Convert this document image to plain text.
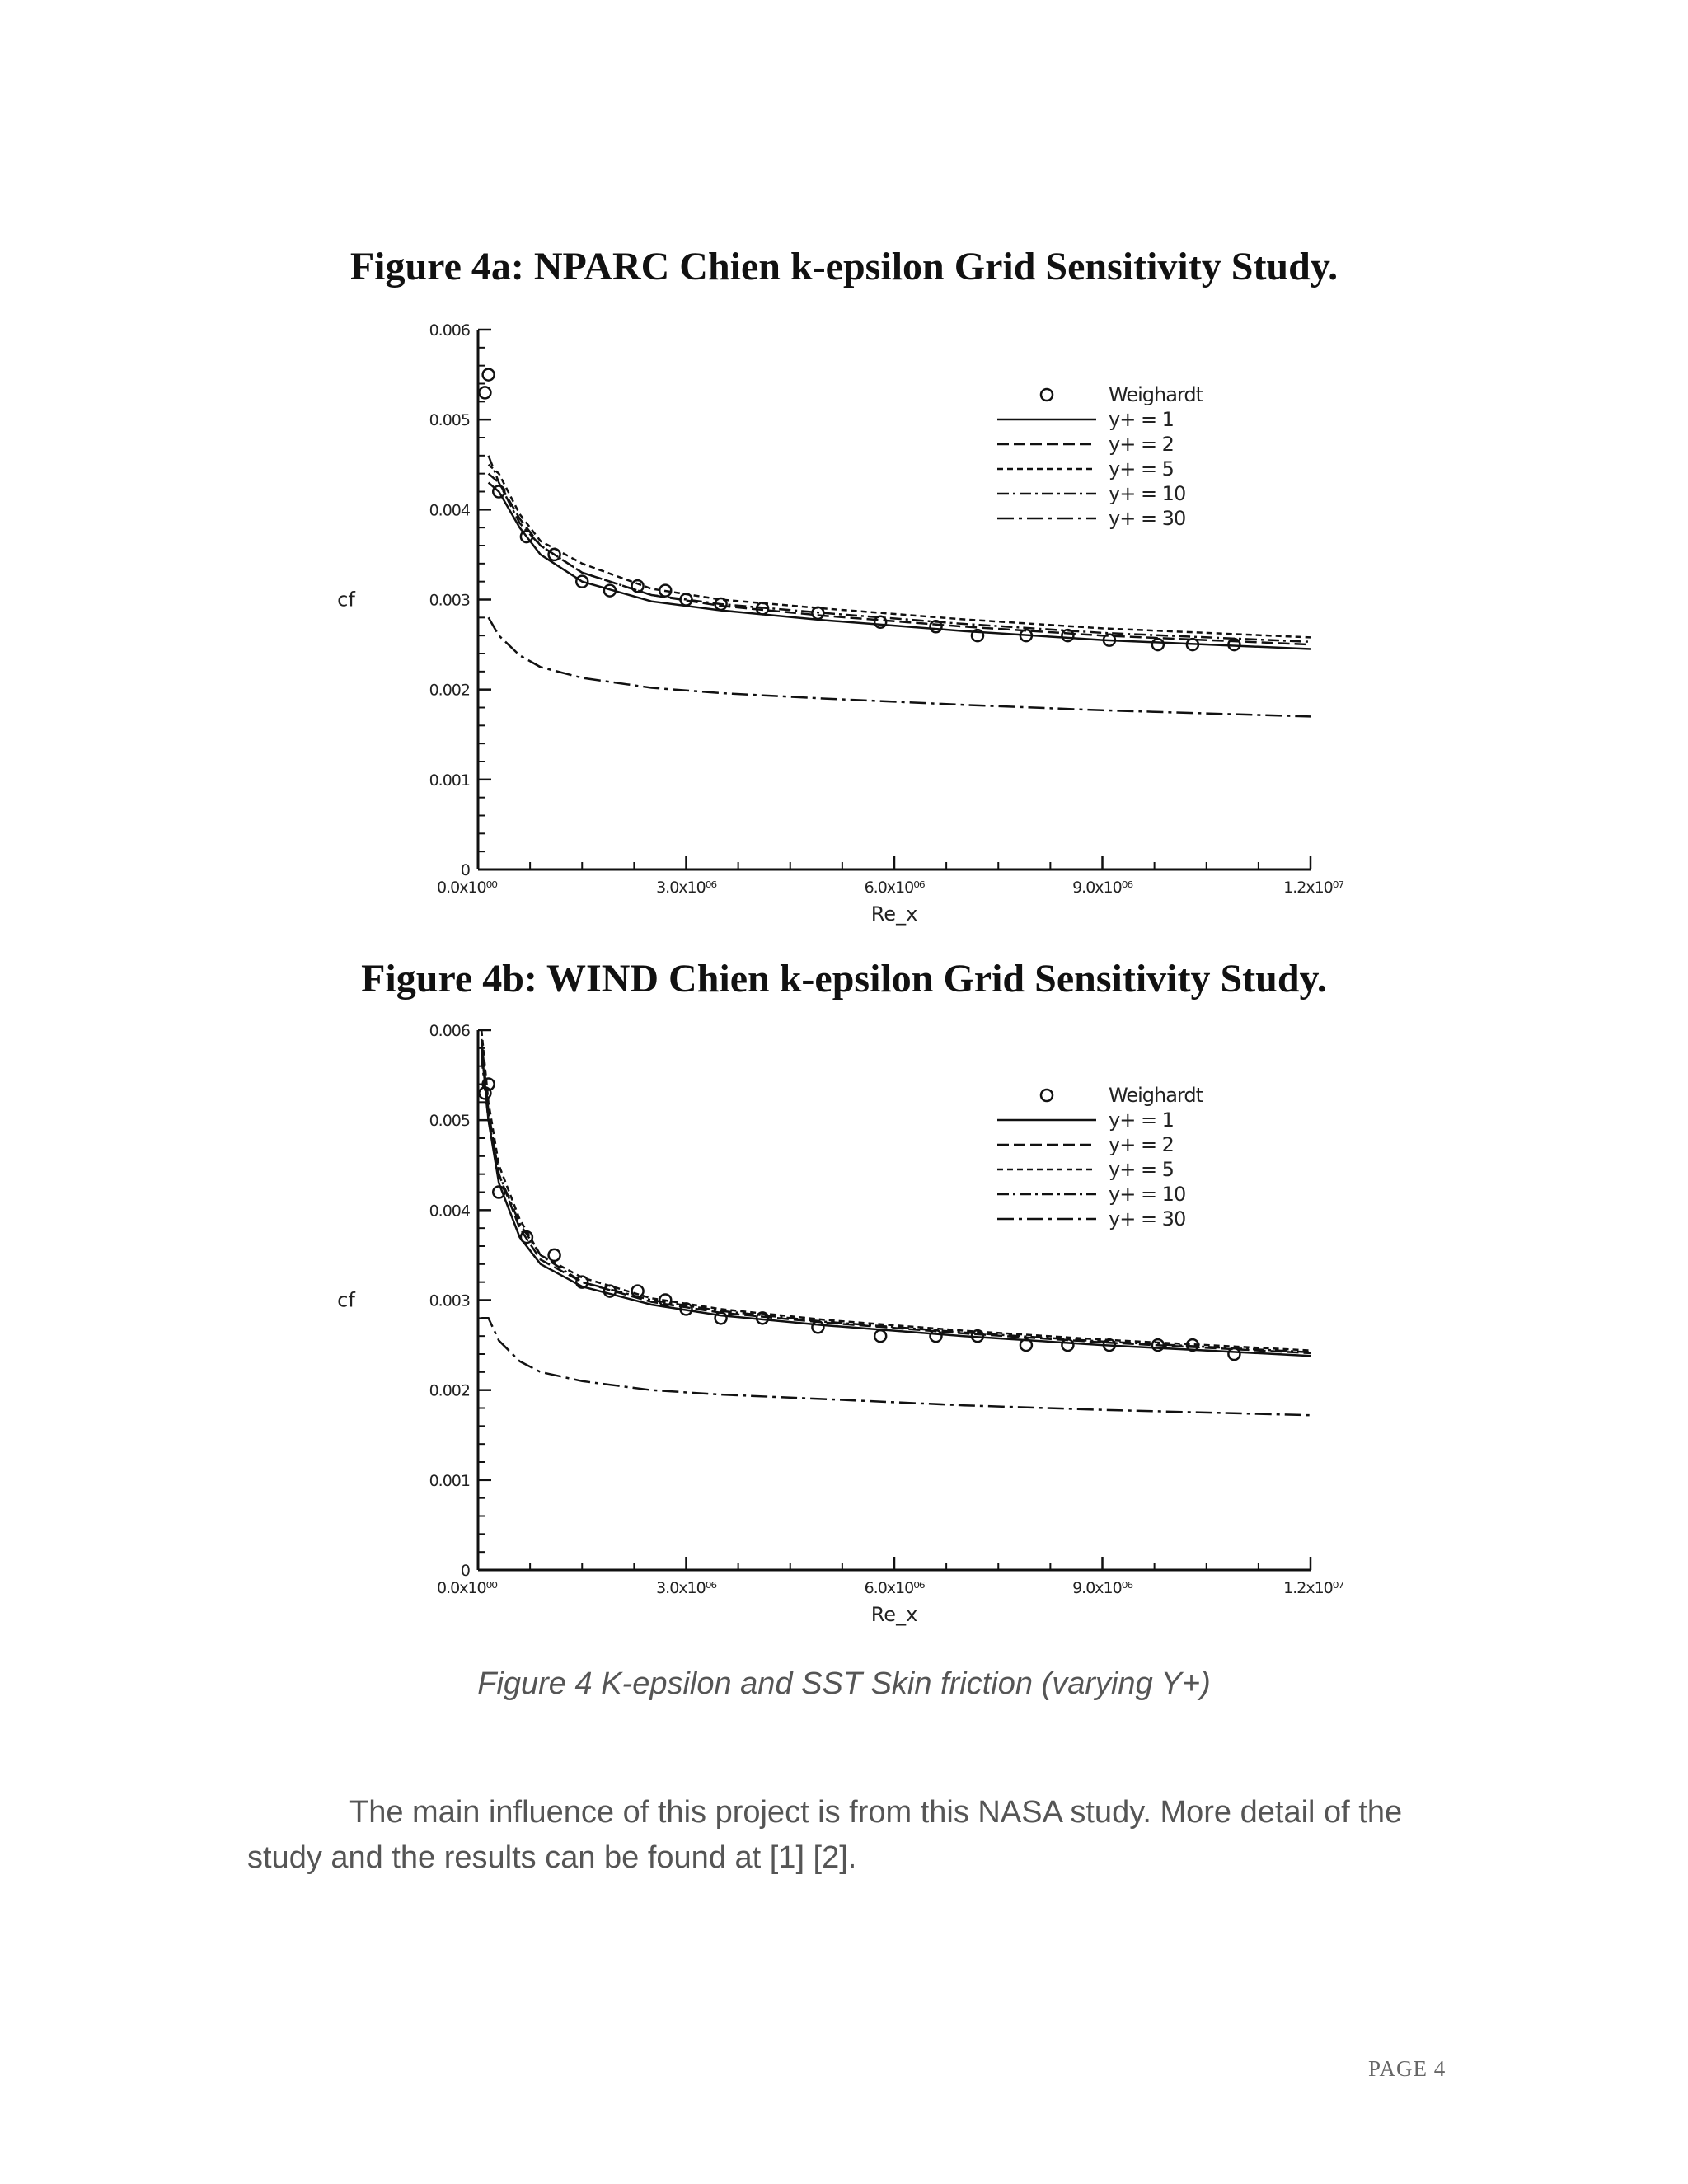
Figure 4a: NPARC Chien k-epsilon Grid Sensitivity Study.
0
0.001
0.002
0.003
0.004
0.005
0.006
0.0x10⁰⁰	3.0x10⁰⁶	6.0x10⁰⁶	9.0x10⁰⁶	1.2x10⁰⁷
Re_x
cf
Weighardt
y+ = 1
y+ = 2
y+ = 5
y+ = 10
y+ = 30
Figure 4b: WIND Chien k-epsilon Grid Sensitivity Study.
0
0.001
0.002
0.003
0.004
0.005
0.006
0.0x10⁰⁰	3.0x10⁰⁶	6.0x10⁰⁶	9.0x10⁰⁶	1.2x10⁰⁷
Re_x
cf
Weighardt
y+ = 1
y+ = 2
y+ = 5
y+ = 10
y+ = 30

Figure 4 K-epsilon and SST Skin friction (varying Y+)

The main influence of this project is from this NASA study. More detail of the study and the results can be found at [1] [2].

PAGE 4
